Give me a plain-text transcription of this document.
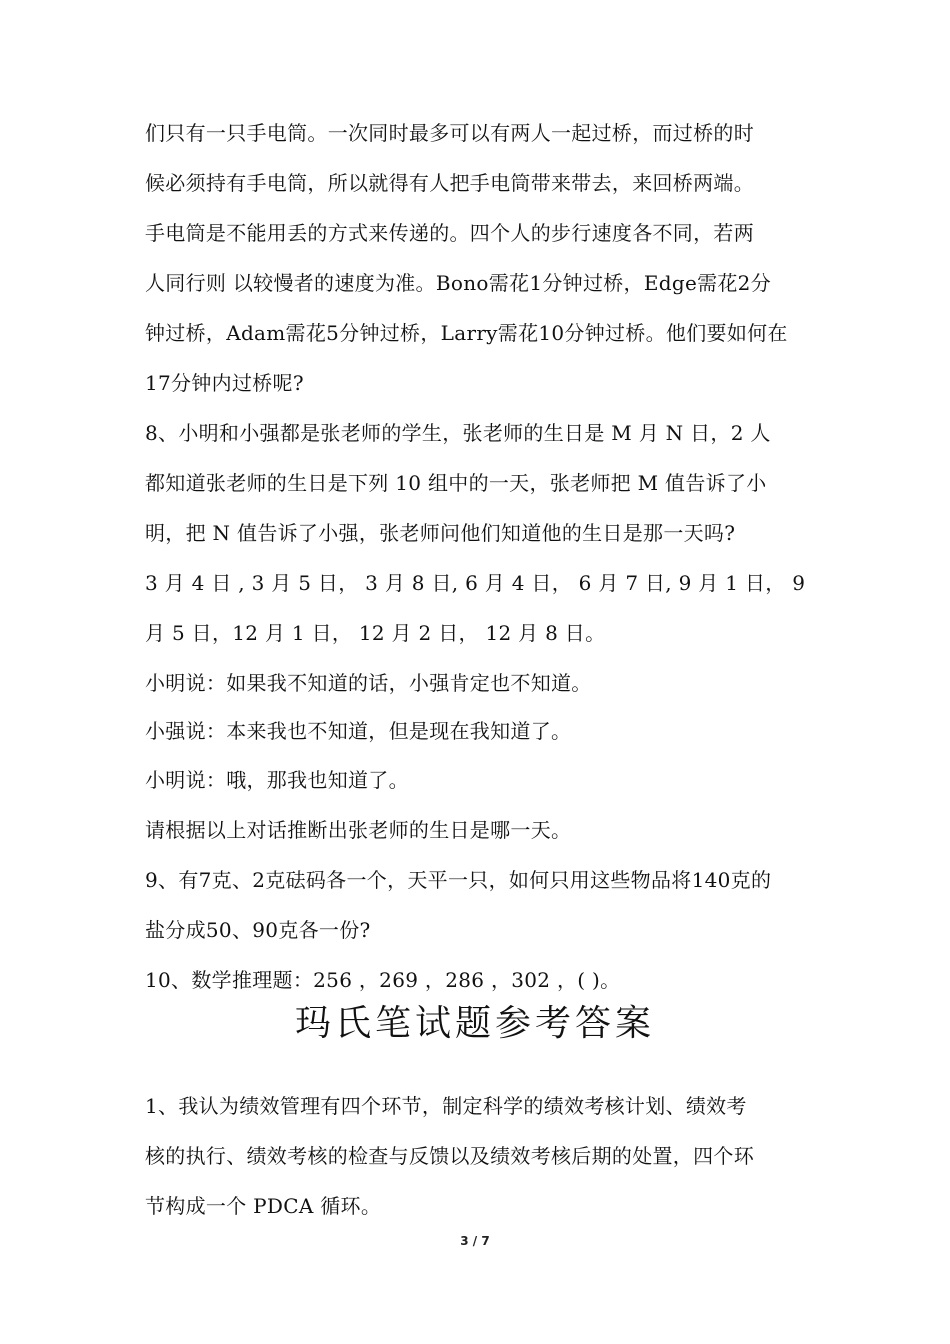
们只有一只手电筒。一次同时最多可以有两人一起过桥，而过桥的时
候必须持有手电筒，所以就得有人把手电筒带来带去，来回桥两端。
手电筒是不能用丢的方式来传递的。四个人的步行速度各不同，若两
人同行则 以较慢者的速度为准。Bono需花1分钟过桥，Edge需花2分
钟过桥，Adam需花5分钟过桥，Larry需花10分钟过桥。他们要如何在
17分钟内过桥呢?
8、小明和小强都是张老师的学生，张老师的生日是 M 月 N 日，2 人
都知道张老师的生日是下列 10 组中的一天，张老师把 M 值告诉了小
明，把 N 值告诉了小强，张老师问他们知道他的生日是那一天吗?
3 月 4 日 , 3 月 5 日， 3 月 8 日, 6 月 4 日， 6 月 7 日, 9 月 1 日， 9
月 5 日，12 月 1 日， 12 月 2 日， 12 月 8 日。
小明说：如果我不知道的话，小强肯定也不知道。
小强说：本来我也不知道，但是现在我知道了。
小明说：哦，那我也知道了。
请根据以上对话推断出张老师的生日是哪一天。
9、有7克、2克砝码各一个，天平一只，如何只用这些物品将140克的
盐分成50、90克各一份?
10、数学推理题：256 ，269 ，286 ，302 ，( )。
玛氏笔试题参考答案
1、我认为绩效管理有四个环节，制定科学的绩效考核计划、绩效考
核的执行、绩效考核的检查与反馈以及绩效考核后期的处置，四个环
节构成一个 PDCA 循环。
3 / 7
